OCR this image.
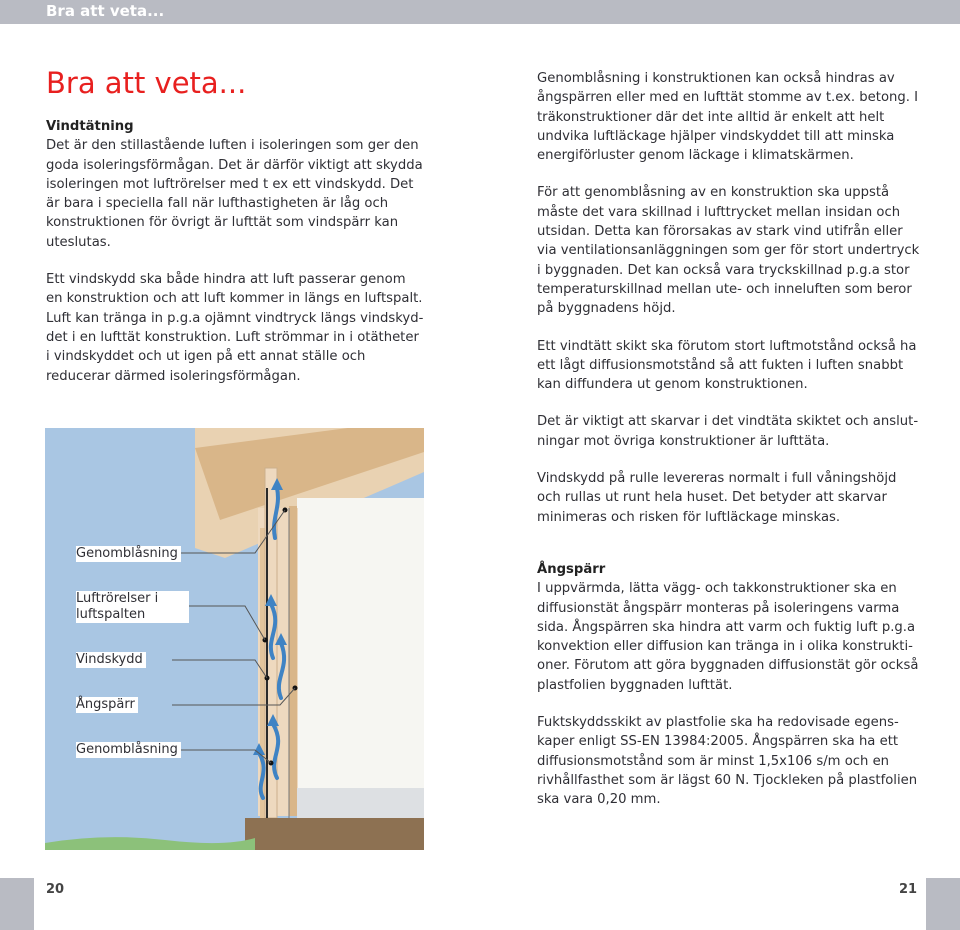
Bra att veta...
Bra att veta...
Vindtätning

Det är den stillastående luften i isoleringen som ger den goda isoleringsförmågan. Det är därför viktigt att skydda isoleringen mot luftrörelser med t ex ett vindskydd. Det är bara i speciella fall när lufthastigheten är låg och konstruktionen för övrigt är lufttät som vindspärr kan uteslutas.

Ett vindskydd ska både hindra att luft passerar genom en konstruktion och att luft kommer in längs en luftspalt. Luft kan tränga in p.g.a ojämnt vindtryck längs vindskyd-det i en lufttät konstruktion. Luft strömmar in i otätheter i vindskyddet och ut igen på ett annat ställe och reducerar därmed isoleringsförmågan.

Genomblåsning
Luftrörelser i luftspalten
Vindskydd
Ångspärr
Genomblåsning

Genomblåsning i konstruktionen kan också hindras av ångspärren eller med en lufttät stomme av t.ex. betong. I träkonstruktioner där det inte alltid är enkelt att helt undvika luftläckage hjälper vindskyddet till att minska energiförluster genom läckage i klimatskärmen.

För att genomblåsning av en konstruktion ska uppstå måste det vara skillnad i lufttrycket mellan insidan och utsidan. Detta kan förorsakas av stark vind utifrån eller via ventilationsanläggningen som ger för stort undertryck i byggnaden. Det kan också vara tryckskillnad p.g.a stor temperaturskillnad mellan ute- och inneluften som beror på byggnadens höjd.

Ett vindtätt skikt ska förutom stort luftmotstånd också ha ett lågt diffusionsmotstånd så att fukten i luften snabbt kan diffundera ut genom konstruktionen.

Det är viktigt att skarvar i det vindtäta skiktet och anslut-ningar mot övriga konstruktioner är lufttäta.

Vindskydd på rulle levereras normalt i full våningshöjd och rullas ut runt hela huset. Det betyder att skarvar minimeras och risken för luftläckage minskas.

Ångspärr

I uppvärmda, lätta vägg- och takkonstruktioner ska en diffusionstät ångspärr monteras på isoleringens varma sida. Ångspärren ska hindra att varm och fuktig luft p.g.a konvektion eller diffusion kan tränga in i olika konstrukti-oner. Förutom att göra byggnaden diffusionstät gör också plastfolien byggnaden lufttät.

Fuktskyddsskikt av plastfolie ska ha redovisade egens-kaper enligt SS-EN 13984:2005. Ångspärren ska ha ett diffusionsmotstånd som är minst 1,5x106 s/m och en rivhållfasthet som är lägst 60 N. Tjockleken på plastfolien ska vara 0,20 mm.

20	21
